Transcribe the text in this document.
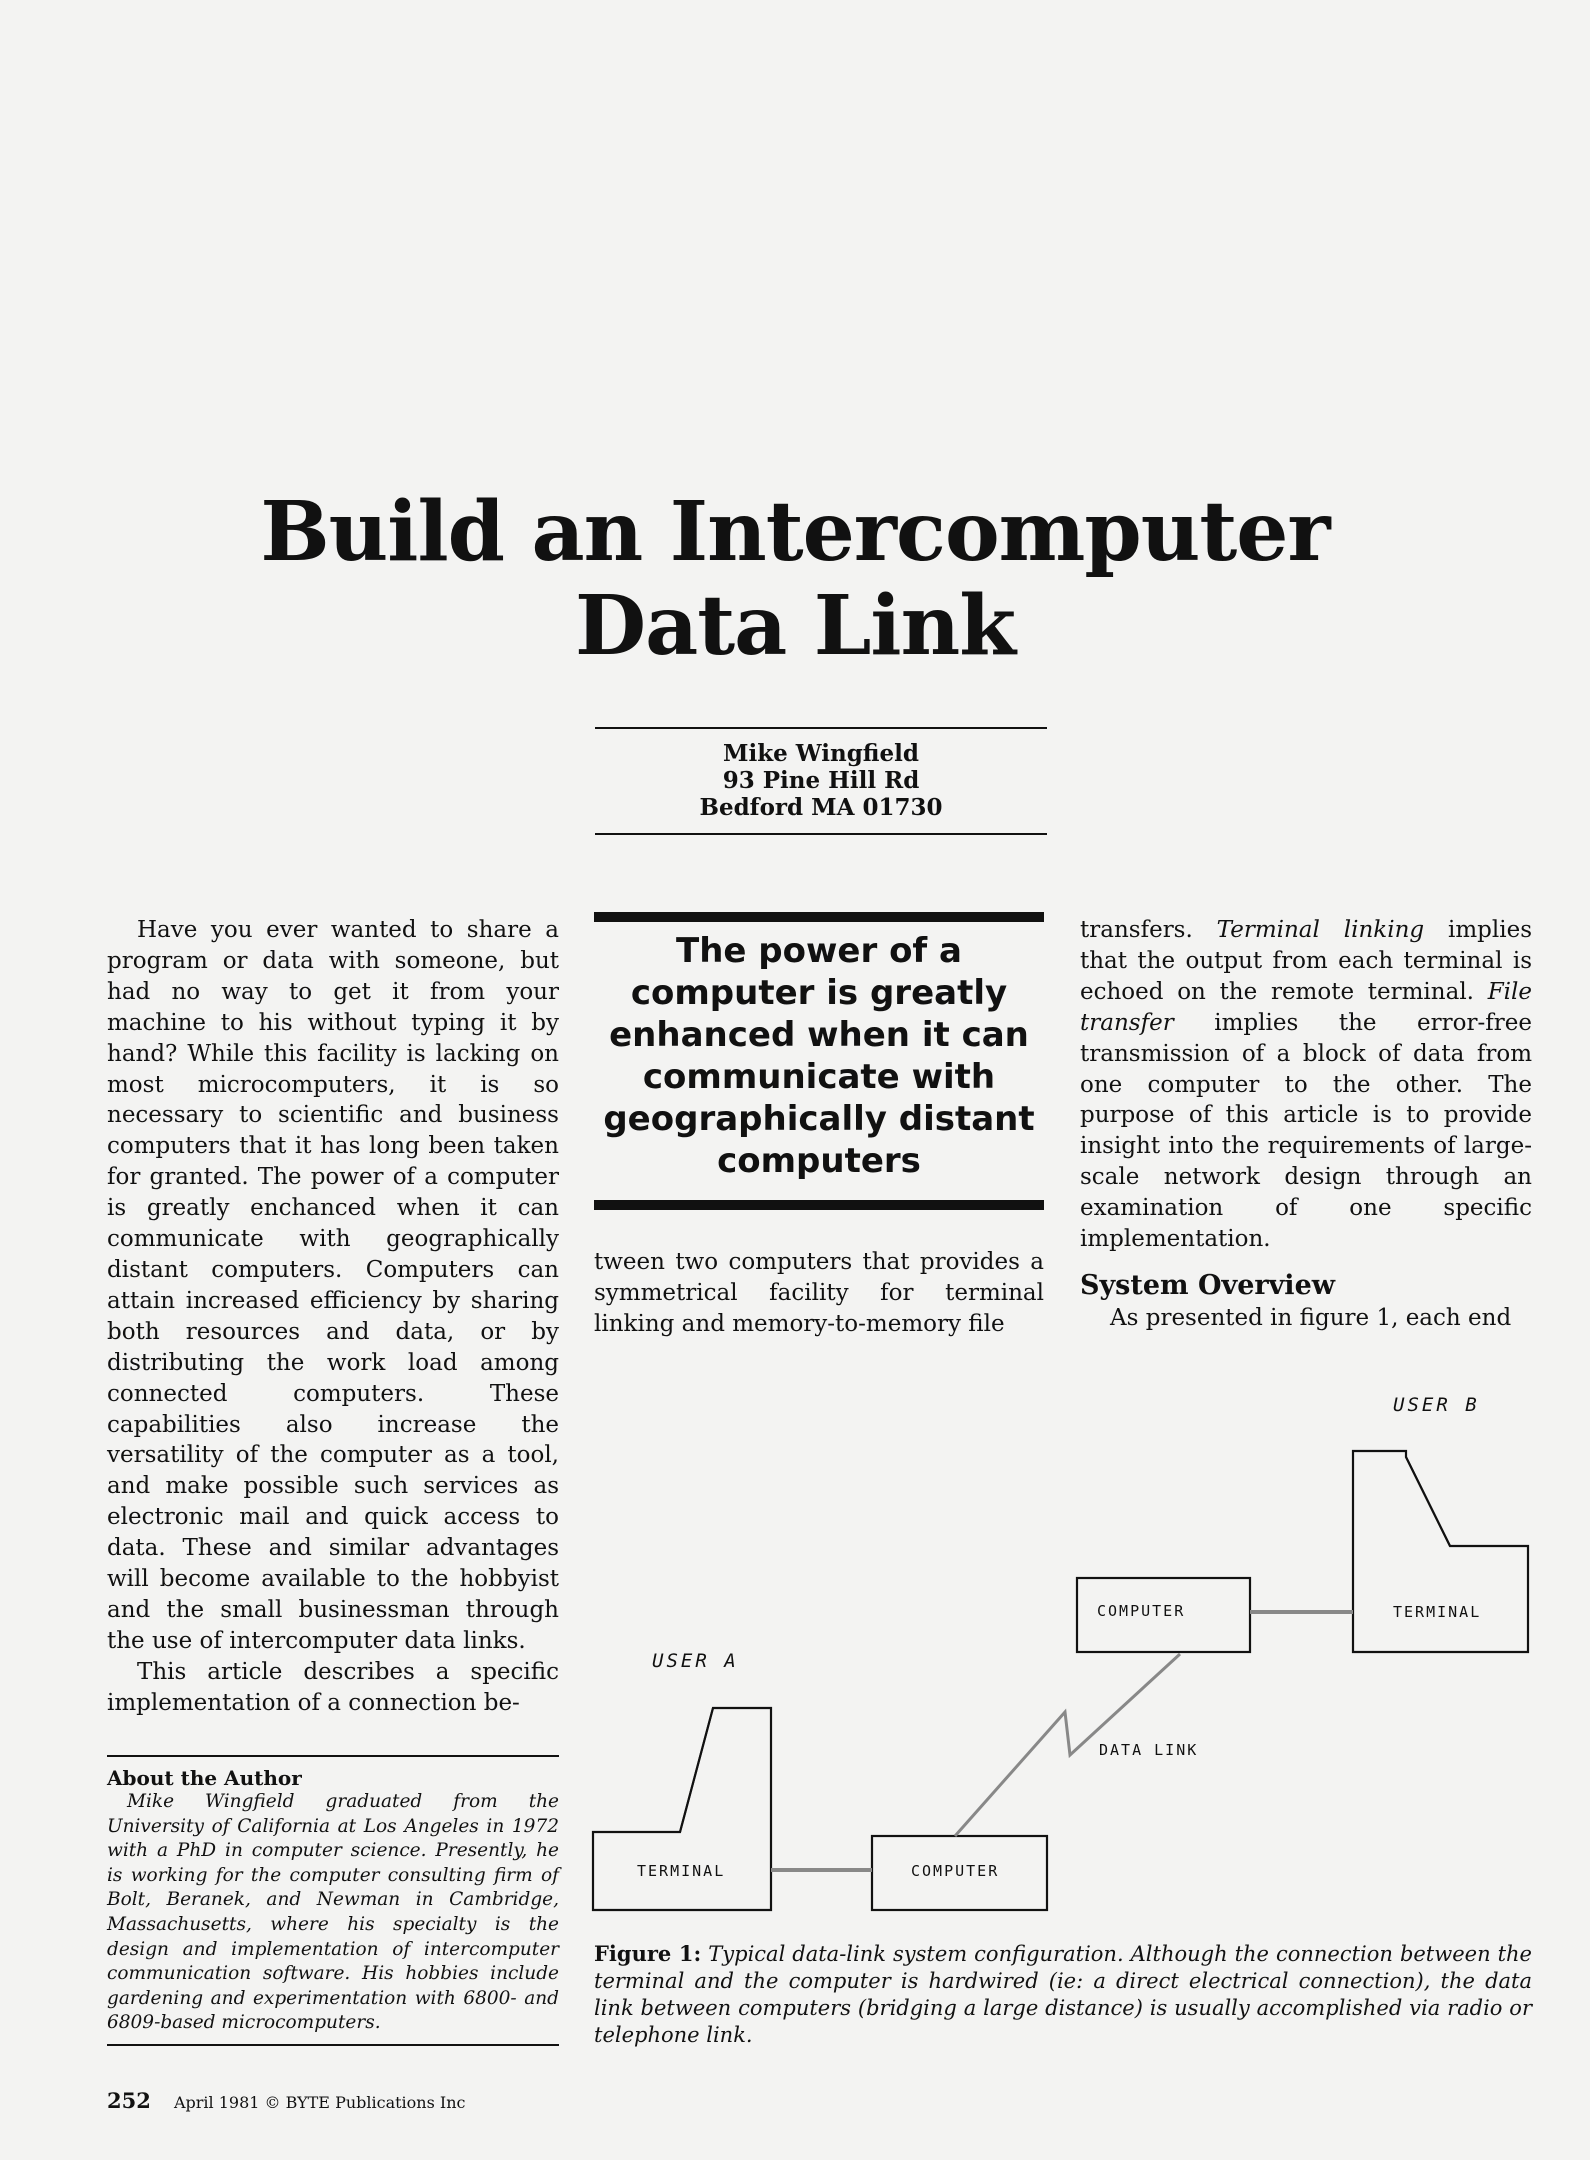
Build an Intercomputer
Data Link
Mike Wingfield
93 Pine Hill Rd
Bedford MA 01730

Have you ever wanted to share a program or data with someone, but had no way to get it from your machine to his without typing it by hand? While this facility is lacking on most microcomputers, it is so necessary to scientific and business computers that it has long been taken for granted. The power of a computer is greatly enchanced when it can communicate with geographically distant computers. Computers can attain increased efficiency by sharing both resources and data, or by distributing the work load among connected computers. These capabilities also increase the versatility of the computer as a tool, and make possible such services as electronic mail and quick access to data. These and similar advantages will become available to the hobbyist and the small businessman through the use of intercomputer data links.

This article describes a specific implementation of a connection be-

The power of a computer is greatly enhanced when it can communicate with geographically distant computers

tween two computers that provides a symmetrical facility for terminal linking and memory-to-memory file

transfers. Terminal linking implies that the output from each terminal is echoed on the remote terminal. File transfer implies the error-free transmission of a block of data from one computer to the other. The purpose of this article is to provide insight into the requirements of large-scale network design through an examination of one specific implementation.

System Overview

As presented in figure 1, each end

About the Author
Mike Wingfield graduated from the University of California at Los Angeles in 1972 with a PhD in computer science. Presently, he is working for the computer consulting firm of Bolt, Beranek, and Newman in Cambridge, Massachusetts, where his specialty is the design and implementation of intercomputer communication software. His hobbies include gardening and experimentation with 6800- and 6809-based microcomputers.
USER B
USER A
COMPUTER	TERMINAL
DATA LINK
TERMINAL	COMPUTER
Figure 1: Typical data-link system configuration. Although the connection between the terminal and the computer is hardwired (ie: a direct electrical connection), the data link between computers (bridging a large distance) is usually accomplished via radio or telephone link.
252 April 1981 © BYTE Publications Inc
